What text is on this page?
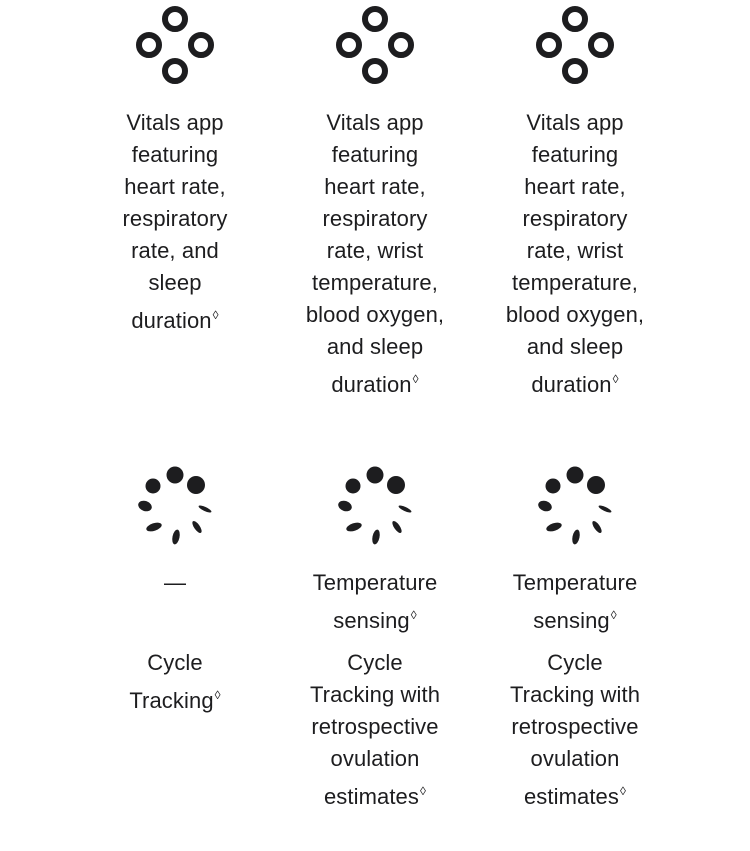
Vitals app
featuring
heart rate,
respiratory
rate, and
sleep
duration◊
—
Cycle
Tracking◊
Vitals app
featuring
heart rate,
respiratory
rate, wrist
temperature,
blood oxygen,
and sleep
duration◊
Temperature
sensing◊
Cycle
Tracking with
retrospective
ovulation
estimates◊
Vitals app
featuring
heart rate,
respiratory
rate, wrist
temperature,
blood oxygen,
and sleep
duration◊
Temperature
sensing◊
Cycle
Tracking with
retrospective
ovulation
estimates◊
